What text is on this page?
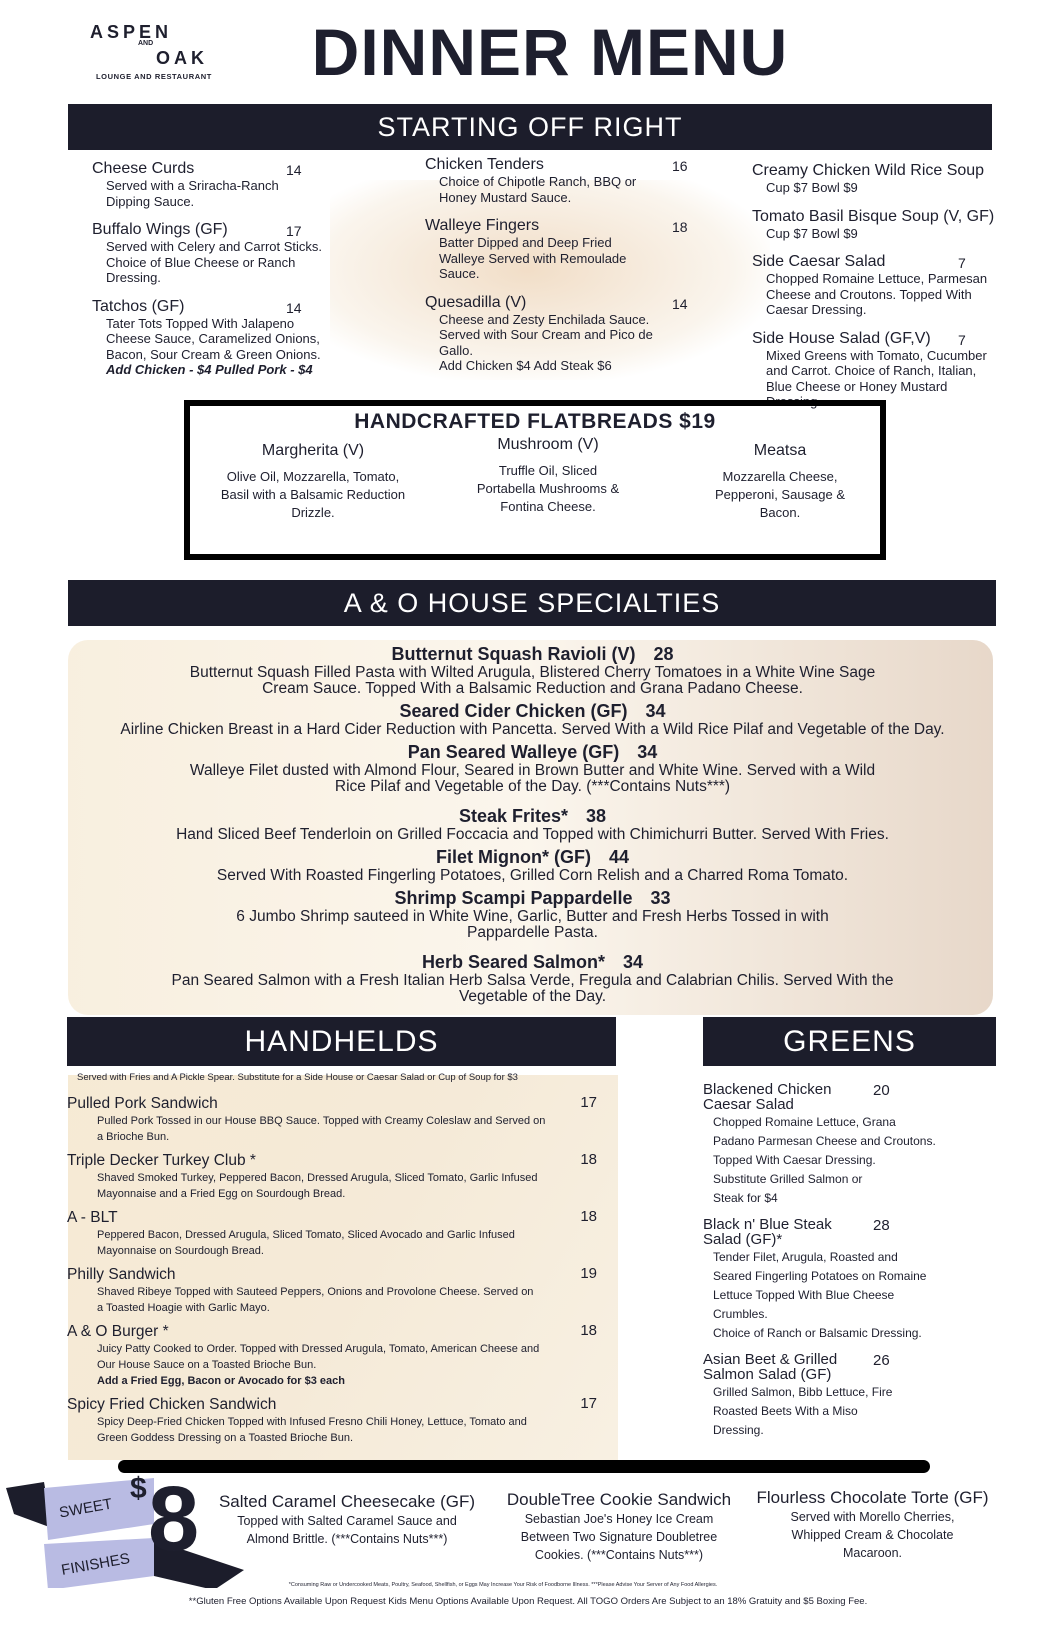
ASPEN
AND
OAK
LOUNGE AND RESTAURANT	DINNER MENU
STARTING OFF RIGHT
Cheese Curds	14
Served with a Sriracha-Ranch
Dipping Sauce.
Buffalo Wings (GF)	17
Served with Celery and Carrot Sticks.
Choice of Blue Cheese or Ranch
Dressing.
Tatchos (GF)	14
Tater Tots Topped With Jalapeno
Cheese Sauce, Caramelized Onions,
Bacon, Sour Cream & Green Onions.
Add Chicken - $4 Pulled Pork - $4
Chicken Tenders	16
Choice of Chipotle Ranch, BBQ or
Honey Mustard Sauce.
Walleye Fingers	18
Batter Dipped and Deep Fried
Walleye Served with Remoulade
Sauce.
Quesadilla (V)	14
Cheese and Zesty Enchilada Sauce.
Served with Sour Cream and Pico de
Gallo.
Add Chicken $4 Add Steak $6
Creamy Chicken Wild Rice Soup
Cup $7 Bowl $9
Tomato Basil Bisque Soup (V, GF)
Cup $7 Bowl $9
Side Caesar Salad	7
Chopped Romaine Lettuce, Parmesan
Cheese and Croutons. Topped With
Caesar Dressing.
Side House Salad (GF,V) 7
Mixed Greens with Tomato, Cucumber
and Carrot. Choice of Ranch, Italian,
Blue Cheese or Honey Mustard
Dressing.
HANDCRAFTED FLATBREADS $19
Margherita (V)
Olive Oil, Mozzarella, Tomato,
Basil with a Balsamic Reduction
Drizzle.
Mushroom (V)
Truffle Oil, Sliced
Portabella Mushrooms &
Fontina Cheese.
Meatsa
Mozzarella Cheese,
Pepperoni, Sausage &
Bacon.
A & O HOUSE SPECIALTIES
Butternut Squash Ravioli (V) 28
Butternut Squash Filled Pasta with Wilted Arugula, Blistered Cherry Tomatoes in a White Wine Sage
Cream Sauce. Topped With a Balsamic Reduction and Grana Padano Cheese.
Seared Cider Chicken (GF) 34
Airline Chicken Breast in a Hard Cider Reduction with Pancetta. Served With a Wild Rice Pilaf and Vegetable of the Day.
Pan Seared Walleye (GF) 34
Walleye Filet dusted with Almond Flour, Seared in Brown Butter and White Wine. Served with a Wild
Rice Pilaf and Vegetable of the Day. (***Contains Nuts***)
Steak Frites* 38
Hand Sliced Beef Tenderloin on Grilled Foccacia and Topped with Chimichurri Butter. Served With Fries.
Filet Mignon* (GF) 44
Served With Roasted Fingerling Potatoes, Grilled Corn Relish and a Charred Roma Tomato.
Shrimp Scampi Pappardelle 33
6 Jumbo Shrimp sauteed in White Wine, Garlic, Butter and Fresh Herbs Tossed in with
Pappardelle Pasta.
Herb Seared Salmon* 34
Pan Seared Salmon with a Fresh Italian Herb Salsa Verde, Fregula and Calabrian Chilis. Served With the
Vegetable of the Day.
HANDHELDS
Served with Fries and A Pickle Spear. Substitute for a Side House or Caesar Salad or Cup of Soup for $3
Pulled Pork Sandwich	17
Pulled Pork Tossed in our House BBQ Sauce. Topped with Creamy Coleslaw and Served on
a Brioche Bun.
Triple Decker Turkey Club *	18
Shaved Smoked Turkey, Peppered Bacon, Dressed Arugula, Sliced Tomato, Garlic Infused
Mayonnaise and a Fried Egg on Sourdough Bread.
A - BLT	18
Peppered Bacon, Dressed Arugula, Sliced Tomato, Sliced Avocado and Garlic Infused
Mayonnaise on Sourdough Bread.
Philly Sandwich	19
Shaved Ribeye Topped with Sauteed Peppers, Onions and Provolone Cheese. Served on
a Toasted Hoagie with Garlic Mayo.
A & O Burger *	18
Juicy Patty Cooked to Order. Topped with Dressed Arugula, Tomato, American Cheese and
Our House Sauce on a Toasted Brioche Bun.
Add a Fried Egg, Bacon or Avocado for $3 each
Spicy Fried Chicken Sandwich	17
Spicy Deep-Fried Chicken Topped with Infused Fresno Chili Honey, Lettuce, Tomato and
Green Goddess Dressing on a Toasted Brioche Bun.
GREENS
Blackened Chicken Caesar Salad
20
Chopped Romaine Lettuce, Grana
Padano Parmesan Cheese and Croutons.
Topped With Caesar Dressing.
Substitute Grilled Salmon or
Steak for $4
Black n' Blue Steak Salad (GF)*
28
Tender Filet, Arugula, Roasted and
Seared Fingerling Potatoes on Romaine
Lettuce Topped With Blue Cheese
Crumbles.
Choice of Ranch or Balsamic Dressing.
Asian Beet & Grilled Salmon Salad (GF)
26
Grilled Salmon, Bibb Lettuce, Fire
Roasted Beets With a Miso
Dressing.
SWEET
FINISHES
$ 8	Salted Caramel Cheesecake (GF)
Topped with Salted Caramel Sauce and
Almond Brittle. (***Contains Nuts***)
DoubleTree Cookie Sandwich
Sebastian Joe's Honey Ice Cream
Between Two Signature Doubletree
Cookies. (***Contains Nuts***)
Flourless Chocolate Torte (GF)
Served with Morello Cherries,
Whipped Cream & Chocolate
Macaroon.
*Consuming Raw or Undercooked Meats, Poultry, Seafood, Shellfish, or Eggs May Increase Your Risk of Foodborne Illness. ***Please Advise Your Server of Any Food Allergies.
**Gluten Free Options Available Upon Request Kids Menu Options Available Upon Request. All TOGO Orders Are Subject to an 18% Gratuity and $5 Boxing Fee.
